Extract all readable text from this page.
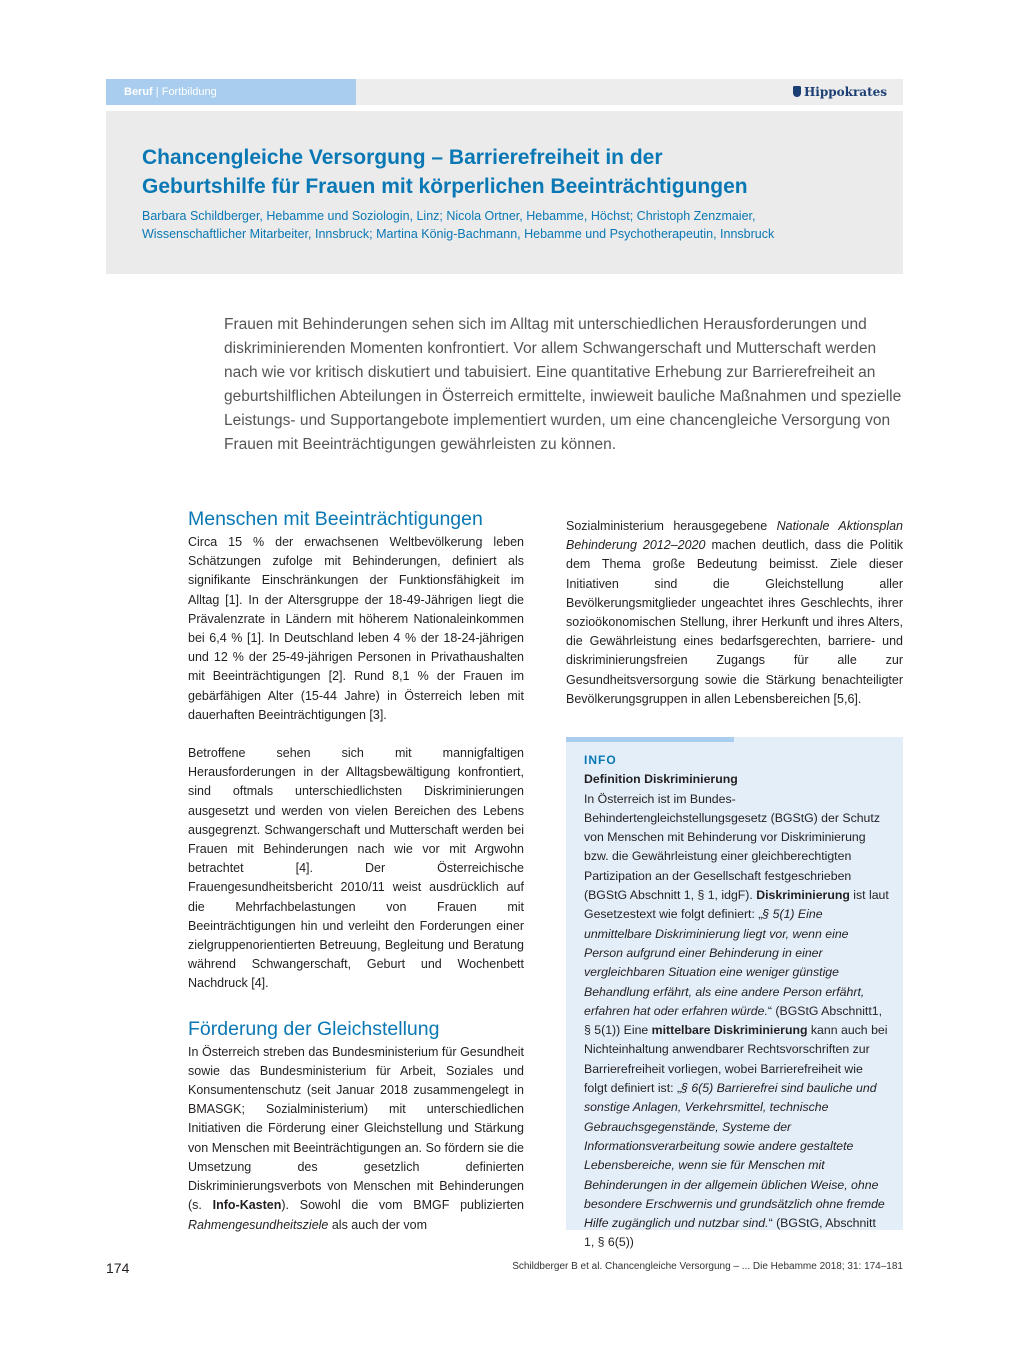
Beruf | Fortbildung	Hippokrates
Chancengleiche Versorgung – Barrierefreiheit in der
Geburtshilfe für Frauen mit körperlichen Beeinträchtigungen

Barbara Schildberger, Hebamme und Soziologin, Linz; Nicola Ortner, Hebamme, Höchst; Christoph Zenzmaier,
Wissenschaftlicher Mitarbeiter, Innsbruck; Martina König-Bachmann, Hebamme und Psychotherapeutin, Innsbruck

Frauen mit Behinderungen sehen sich im Alltag mit unterschiedlichen Herausforderungen und diskriminierenden Momenten konfrontiert. Vor allem Schwangerschaft und Mutterschaft werden nach wie vor kritisch diskutiert und tabuisiert. Eine quantitative Erhebung zur Barrierefreiheit an geburtshilflichen Abteilungen in Österreich ermittelte, inwieweit bauliche Maßnahmen und spezielle Leistungs- und Supportangebote implementiert wurden, um eine chancengleiche Versorgung von Frauen mit Beeinträchtigungen gewährleisten zu können.

Menschen mit Beeinträchtigungen

Circa 15 % der erwachsenen Weltbevölkerung leben Schätzungen zufolge mit Behinderungen, definiert als signifikante Einschränkungen der Funktionsfähigkeit im Alltag [1]. In der Altersgruppe der 18-49-Jährigen liegt die Prävalenzrate in Ländern mit höherem Nationaleinkommen bei 6,4 % [1]. In Deutschland leben 4 % der 18-24-jährigen und 12 % der 25-49-jährigen Personen in Privathaushalten mit Beeinträchtigungen [2]. Rund 8,1 % der Frauen im gebärfähigen Alter (15-44 Jahre) in Österreich leben mit dauerhaften Beeinträchtigungen [3].

Betroffene sehen sich mit mannigfaltigen Herausforderungen in der Alltagsbewältigung konfrontiert, sind oftmals unterschiedlichsten Diskriminierungen ausgesetzt und werden von vielen Bereichen des Lebens ausgegrenzt. Schwangerschaft und Mutterschaft werden bei Frauen mit Behinderungen nach wie vor mit Argwohn betrachtet [4]. Der Österreichische Frauengesundheitsbericht 2010/11 weist ausdrücklich auf die Mehrfachbelastungen von Frauen mit Beeinträchtigungen hin und verleiht den Forderungen einer zielgruppenorientierten Betreuung, Begleitung und Beratung während Schwangerschaft, Geburt und Wochenbett Nachdruck [4].

Förderung der Gleichstellung

In Österreich streben das Bundesministerium für Gesundheit sowie das Bundesministerium für Arbeit, Soziales und Konsumentenschutz (seit Januar 2018 zusammengelegt in BMASGK; Sozialministerium) mit unterschiedlichen Initiativen die Förderung einer Gleichstellung und Stärkung von Menschen mit Beeinträchtigungen an. So fördern sie die Umsetzung des gesetzlich definierten Diskriminierungsverbots von Menschen mit Behinderungen (s. Info-Kasten). Sowohl die vom BMGF publizierten Rahmengesundheitsziele als auch der vom

Sozialministerium herausgegebene Nationale Aktionsplan Behinderung 2012–2020 machen deutlich, dass die Politik dem Thema große Bedeutung beimisst. Ziele dieser Initiativen sind die Gleichstellung aller Bevölkerungsmitglieder ungeachtet ihres Geschlechts, ihrer sozioökonomischen Stellung, ihrer Herkunft und ihres Alters, die Gewährleistung eines bedarfsgerechten, barriere- und diskriminierungsfreien Zugangs für alle zur Gesundheitsversorgung sowie die Stärkung benachteiligter Bevölkerungsgruppen in allen Lebensbereichen [5,6].

INFO
Definition Diskriminierung

In Österreich ist im Bundes-Behindertengleichstellungsgesetz (BGStG) der Schutz von Menschen mit Behinderung vor Diskriminierung bzw. die Gewährleistung einer gleichberechtigten Partizipation an der Gesellschaft festgeschrieben (BGStG Abschnitt 1, § 1, idgF). Diskriminierung ist laut Gesetzestext wie folgt definiert: „§ 5(1) Eine unmittelbare Diskriminierung liegt vor, wenn eine Person aufgrund einer Behinderung in einer vergleichbaren Situation eine weniger günstige Behandlung erfährt, als eine andere Person erfährt, erfahren hat oder erfahren würde.“ (BGStG Abschnitt1, § 5(1)) Eine mittelbare Diskriminierung kann auch bei Nichteinhaltung anwendbarer Rechtsvorschriften zur Barrierefreiheit vorliegen, wobei Barrierefreiheit wie folgt definiert ist: „§ 6(5) Barrierefrei sind bauliche und sonstige Anlagen, Verkehrsmittel, technische Gebrauchsgegenstände, Systeme der Informationsverarbeitung sowie andere gestaltete Lebensbereiche, wenn sie für Menschen mit Behinderungen in der allgemein üblichen Weise, ohne besondere Erschwernis und grundsätzlich ohne fremde Hilfe zugänglich und nutzbar sind.“ (BGStG, Abschnitt 1, § 6(5))

174	Schildberger B et al. Chancengleiche Versorgung – ... Die Hebamme 2018; 31: 174–181
